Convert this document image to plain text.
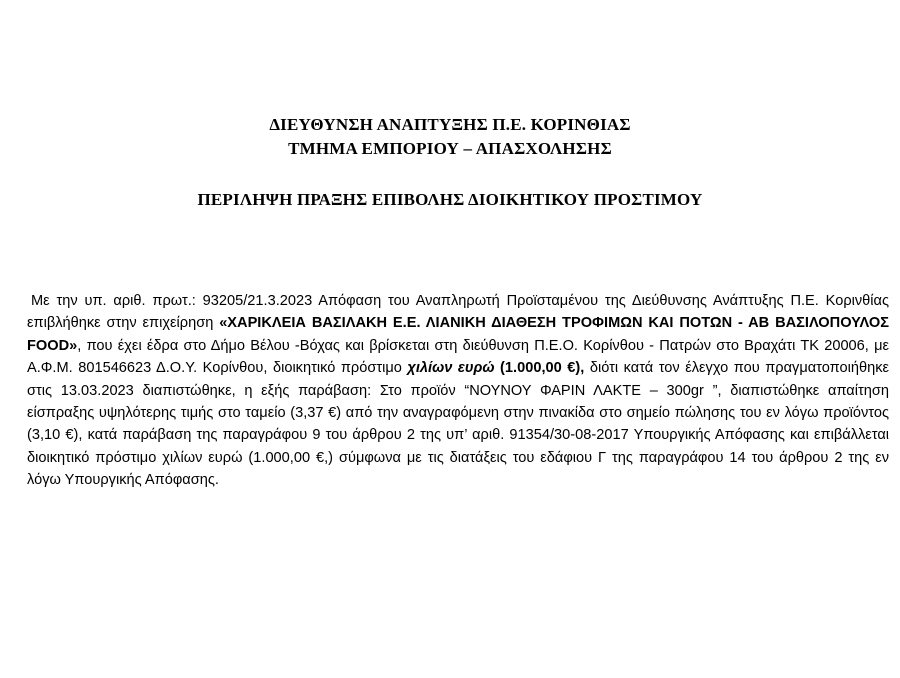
ΔΙΕΥΘΥΝΣΗ ΑΝΑΠΤΥΞΗΣ Π.Ε. ΚΟΡΙΝΘΙΑΣ
ΤΜΗΜΑ ΕΜΠΟΡΙΟΥ – ΑΠΑΣΧΟΛΗΣΗΣ
ΠΕΡΙΛΗΨΗ ΠΡΑΞΗΣ ΕΠΙΒΟΛΗΣ ΔΙΟΙΚΗΤΙΚΟΥ ΠΡΟΣΤΙΜΟΥ
Με την υπ. αριθ. πρωτ.: 93205/21.3.2023 Απόφαση του Αναπληρωτή Προϊσταμένου της Διεύθυνσης Ανάπτυξης Π.Ε. Κορινθίας επιβλήθηκε στην επιχείρηση «ΧΑΡΙΚΛΕΙΑ ΒΑΣΙΛΑΚΗ Ε.Ε. ΛΙΑΝΙΚΗ ΔΙΑΘΕΣΗ ΤΡΟΦΙΜΩΝ ΚΑΙ ΠΟΤΩΝ - ΑΒ ΒΑΣΙΛΟΠΟΥΛΟΣ FOOD», που έχει έδρα στο Δήμο Βέλου -Βόχας και βρίσκεται στη διεύθυνση Π.Ε.Ο. Κορίνθου - Πατρών στο Βραχάτι ΤΚ 20006, με Α.Φ.Μ. 801546623 Δ.Ο.Υ. Κορίνθου, διοικητικό πρόστιμο χιλίων ευρώ (1.000,00 €), διότι κατά τον έλεγχο που πραγματοποιήθηκε στις 13.03.2023 διαπιστώθηκε, η εξής παράβαση: Στο προϊόν “ΝΟΥΝΟΥ ΦΑΡΙΝ ΛΑΚΤΕ – 300gr ”, διαπιστώθηκε απαίτηση είσπραξης υψηλότερης τιμής στο ταμείο (3,37 €) από την αναγραφόμενη στην πινακίδα στο σημείο πώλησης του εν λόγω προϊόντος (3,10 €), κατά παράβαση της παραγράφου 9 του άρθρου 2 της υπ’ αριθ. 91354/30-08-2017 Υπουργικής Απόφασης και επιβάλλεται διοικητικό πρόστιμο χιλίων ευρώ (1.000,00 €,) σύμφωνα με τις διατάξεις του εδάφιου Γ της παραγράφου 14 του άρθρου 2 της εν λόγω Υπουργικής Απόφασης.
